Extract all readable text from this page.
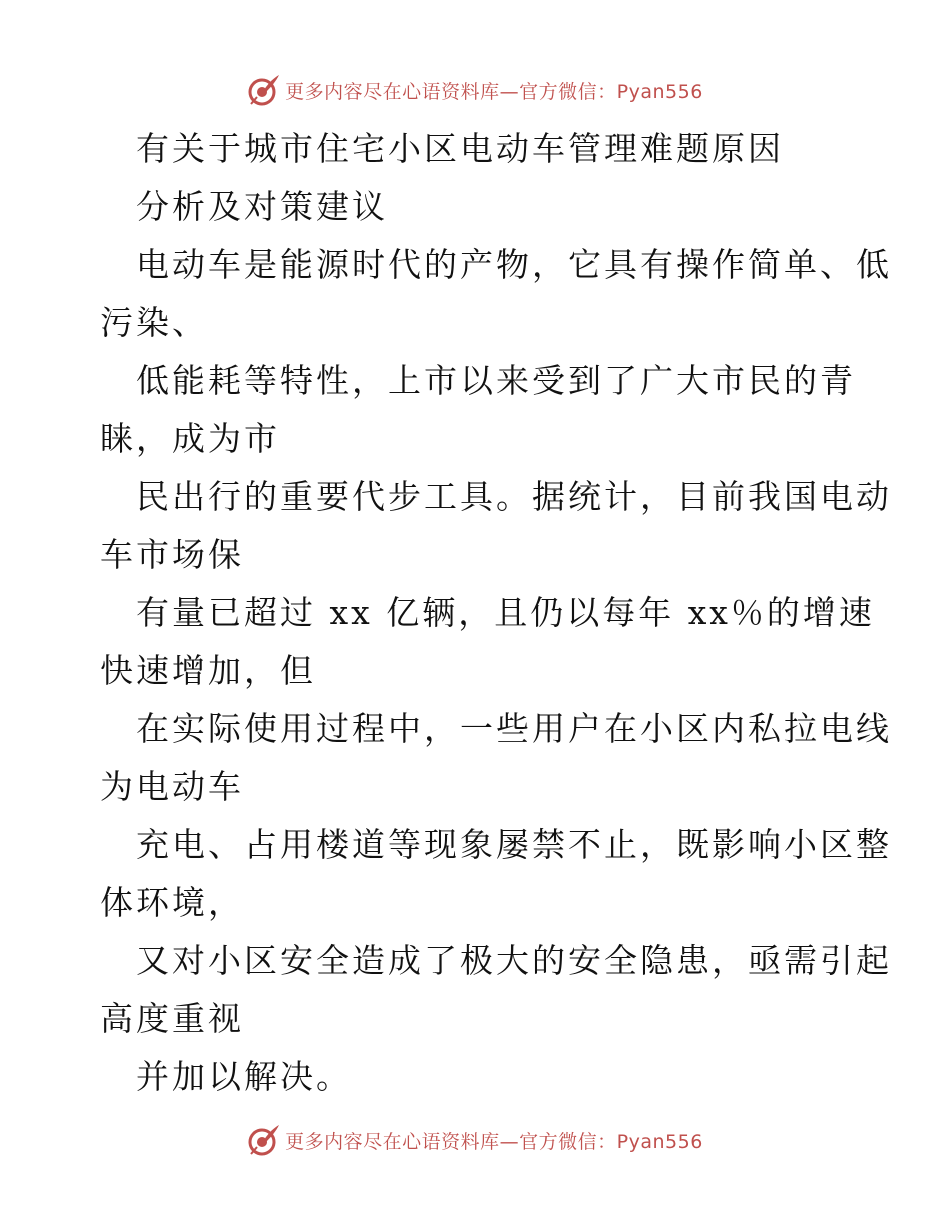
更多内容尽在心语资料库—官方微信：Pyan556
有关于城市住宅小区电动车管理难题原因
分析及对策建议
电动车是能源时代的产物，它具有操作简单、低
污染、
低能耗等特性，上市以来受到了广大市民的青
睐，成为市
民出行的重要代步工具。据统计，目前我国电动
车市场保
有量已超过 xx 亿辆，且仍以每年 xx％的增速
快速增加，但
在实际使用过程中，一些用户在小区内私拉电线
为电动车
充电、占用楼道等现象屡禁不止，既影响小区整
体环境，
又对小区安全造成了极大的安全隐患，亟需引起
高度重视
并加以解决。
更多内容尽在心语资料库—官方微信：Pyan556
